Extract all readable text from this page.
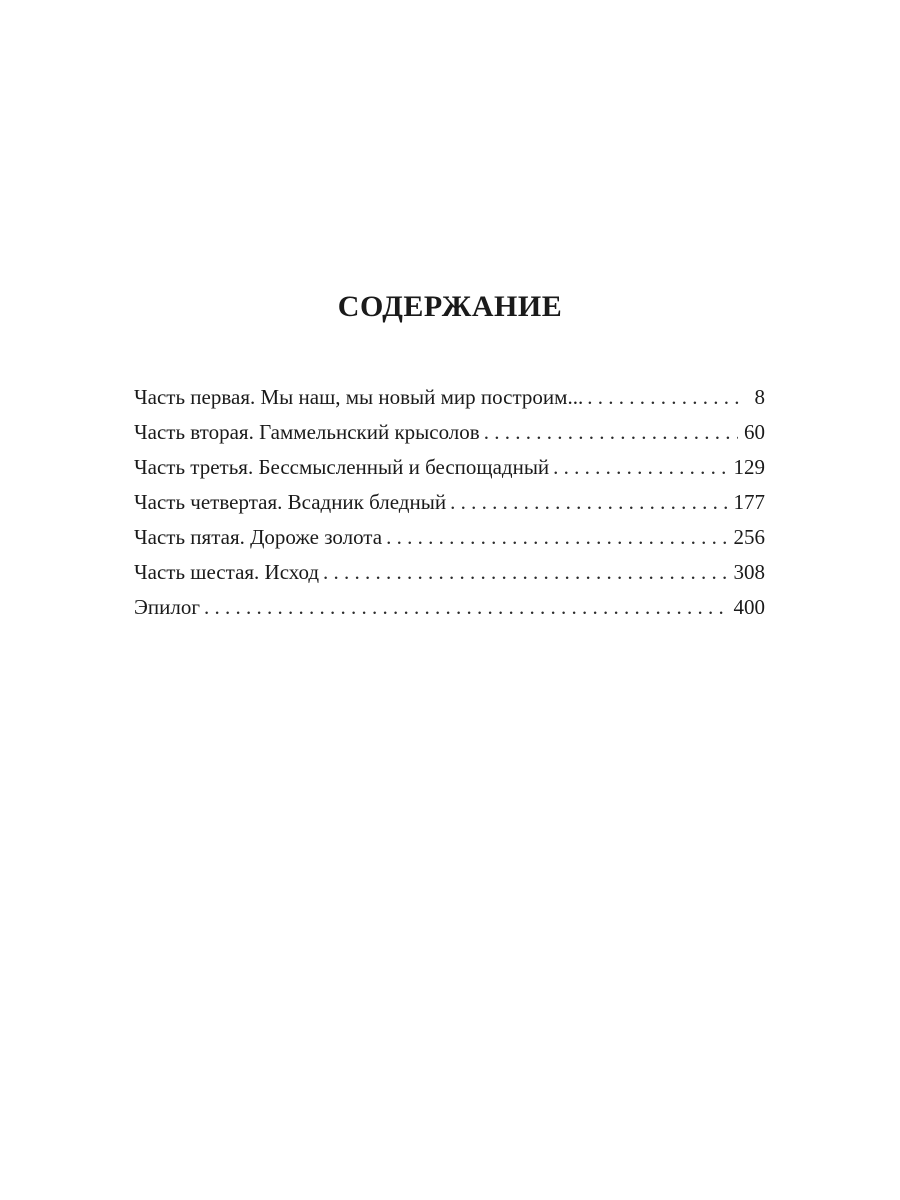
СОДЕРЖАНИЕ
Часть первая. Мы наш, мы новый мир построим... . . .	8
Часть вторая. Гаммельнский крысолов . . .	60
Часть третья. Бессмысленный и беспощадный . . .	129
Часть четвертая. Всадник бледный . . .	177
Часть пятая. Дороже золота . . .	256
Часть шестая. Исход . . .	308
Эпилог . . .	400
